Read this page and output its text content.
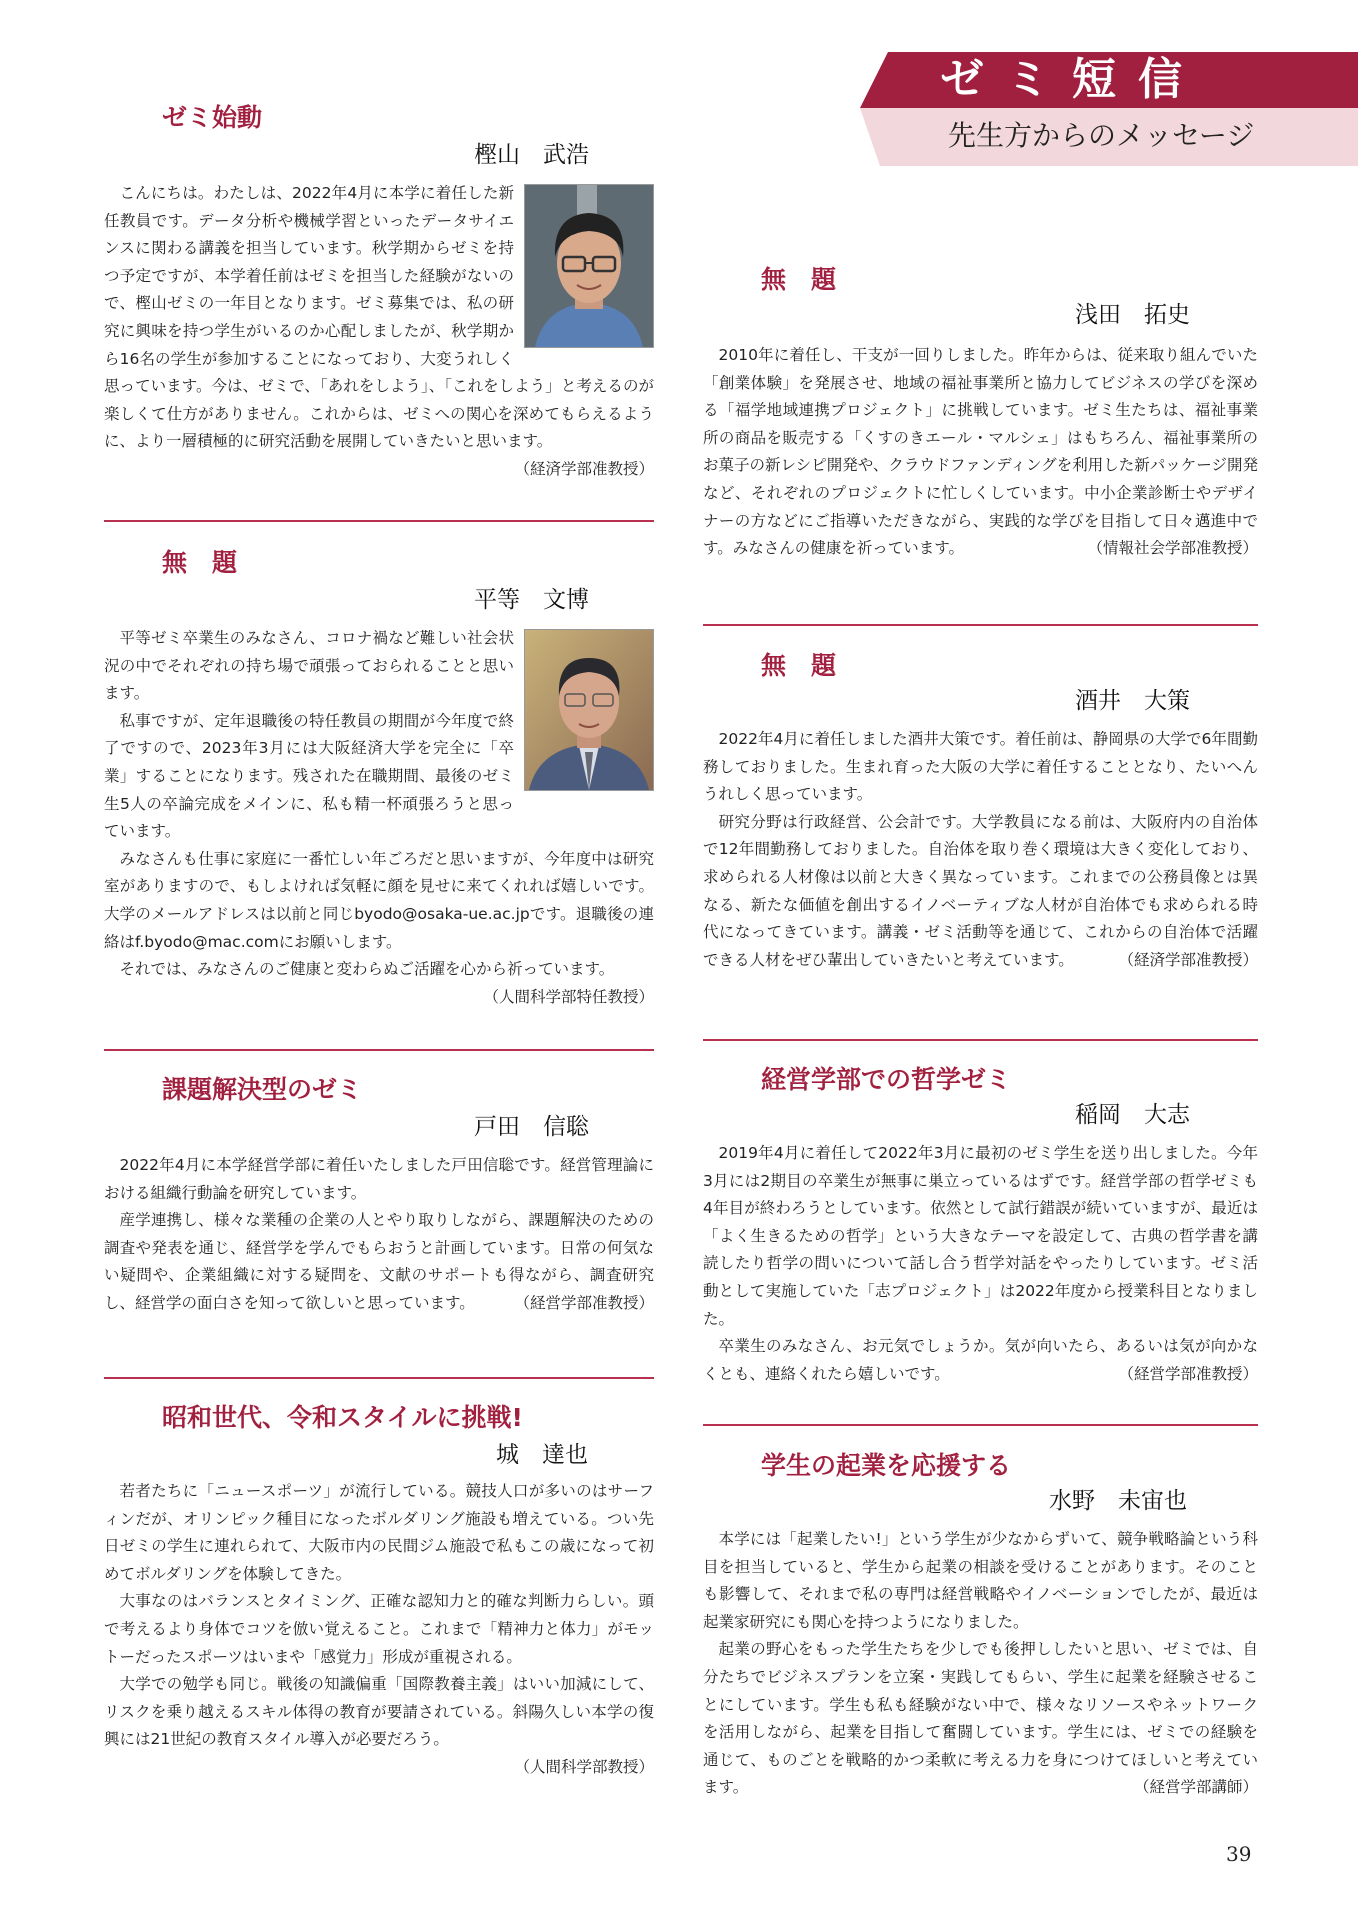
ゼミ短信
先生方からのメッセージ
ゼミ始動
樫山　武浩

こんにちは。わたしは、2022年4月に本学に着任した新任教員です。データ分析や機械学習といったデータサイエンスに関わる講義を担当しています。秋学期からゼミを持つ予定ですが、本学着任前はゼミを担当した経験がないので、樫山ゼミの一年目となります。ゼミ募集では、私の研究に興味を持つ学生がいるのか心配しましたが、秋学期から16名の学生が参加することになっており、大変うれしく思っています。今は、ゼミで、「あれをしよう」、「これをしよう」と考えるのが楽しくて仕方がありません。これからは、ゼミへの関心を深めてもらえるように、より一層積極的に研究活動を展開していきたいと思います。

（経済学部准教授）
無　題
平等　文博

平等ゼミ卒業生のみなさん、コロナ禍など難しい社会状況の中でそれぞれの持ち場で頑張っておられることと思います。

私事ですが、定年退職後の特任教員の期間が今年度で終了ですので、2023年3月には大阪経済大学を完全に「卒業」することになります。残された在職期間、最後のゼミ生5人の卒論完成をメインに、私も精一杯頑張ろうと思っています。

みなさんも仕事に家庭に一番忙しい年ごろだと思いますが、今年度中は研究室がありますので、もしよければ気軽に顔を見せに来てくれれば嬉しいです。大学のメールアドレスは以前と同じbyodo@osaka-ue.ac.jpです。退職後の連絡はf.byodo@mac.comにお願いします。

それでは、みなさんのご健康と変わらぬご活躍を心から祈っています。

（人間科学部特任教授）
課題解決型のゼミ
戸田　信聡

2022年4月に本学経営学部に着任いたしました戸田信聡です。経営管理論における組織行動論を研究しています。

産学連携し、様々な業種の企業の人とやり取りしながら、課題解決のための調査や発表を通じ、経営学を学んでもらおうと計画しています。日常の何気ない疑問や、企業組織に対する疑問を、文献のサポートも得ながら、調査研究し、経営学の面白さを知って欲しいと思っています。	（経営学部准教授）
昭和世代、令和スタイルに挑戦!
城　達也

若者たちに「ニュースポーツ」が流行している。競技人口が多いのはサーフィンだが、オリンピック種目になったボルダリング施設も増えている。つい先日ゼミの学生に連れられて、大阪市内の民間ジム施設で私もこの歳になって初めてボルダリングを体験してきた。

大事なのはバランスとタイミング、正確な認知力と的確な判断力らしい。頭で考えるより身体でコツを倣い覚えること。これまで「精神力と体力」がモットーだったスポーツはいまや「感覚力」形成が重視される。

大学での勉学も同じ。戦後の知識偏重「国際教養主義」はいい加減にして、リスクを乗り越えるスキル体得の教育が要請されている。斜陽久しい本学の復興には21世紀の教育スタイル導入が必要だろう。

（人間科学部教授）
無　題
浅田　拓史

2010年に着任し、干支が一回りしました。昨年からは、従来取り組んでいた「創業体験」を発展させ、地域の福祉事業所と協力してビジネスの学びを深める「福学地域連携プロジェクト」に挑戦しています。ゼミ生たちは、福祉事業所の商品を販売する「くすのきエール・マルシェ」はもちろん、福祉事業所のお菓子の新レシピ開発や、クラウドファンディングを利用した新パッケージ開発など、それぞれのプロジェクトに忙しくしています。中小企業診断士やデザイナーの方などにご指導いただきながら、実践的な学びを目指して日々邁進中です。みなさんの健康を祈っています。	（情報社会学部准教授）
無　題
酒井　大策

2022年4月に着任しました酒井大策です。着任前は、静岡県の大学で6年間勤務しておりました。生まれ育った大阪の大学に着任することとなり、たいへんうれしく思っています。

研究分野は行政経営、公会計です。大学教員になる前は、大阪府内の自治体で12年間勤務しておりました。自治体を取り巻く環境は大きく変化しており、求められる人材像は以前と大きく異なっています。これまでの公務員像とは異なる、新たな価値を創出するイノベーティブな人材が自治体でも求められる時代になってきています。講義・ゼミ活動等を通じて、これからの自治体で活躍できる人材をぜひ輩出していきたいと考えています。	（経済学部准教授）
経営学部での哲学ゼミ
稲岡　大志

2019年4月に着任して2022年3月に最初のゼミ学生を送り出しました。今年3月には2期目の卒業生が無事に巣立っているはずです。経営学部の哲学ゼミも4年目が終わろうとしています。依然として試行錯誤が続いていますが、最近は「よく生きるための哲学」という大きなテーマを設定して、古典の哲学書を講読したり哲学の問いについて話し合う哲学対話をやったりしています。ゼミ活動として実施していた「志プロジェクト」は2022年度から授業科目となりました。

卒業生のみなさん、お元気でしょうか。気が向いたら、あるいは気が向かなくとも、連絡くれたら嬉しいです。	（経営学部准教授）
学生の起業を応援する
水野　未宙也

本学には「起業したい!」という学生が少なからずいて、競争戦略論という科目を担当していると、学生から起業の相談を受けることがあります。そのことも影響して、それまで私の専門は経営戦略やイノベーションでしたが、最近は起業家研究にも関心を持つようになりました。

起業の野心をもった学生たちを少しでも後押ししたいと思い、ゼミでは、自分たちでビジネスプランを立案・実践してもらい、学生に起業を経験させることにしています。学生も私も経験がない中で、様々なリソースやネットワークを活用しながら、起業を目指して奮闘しています。学生には、ゼミでの経験を通じて、ものごとを戦略的かつ柔軟に考える力を身につけてほしいと考えています。	（経営学部講師）
39
